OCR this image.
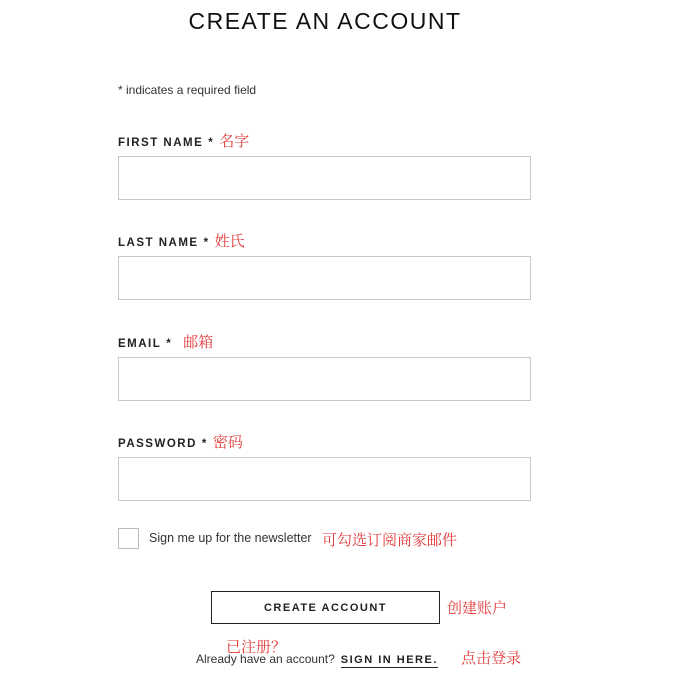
CREATE AN ACCOUNT
* indicates a required field
FIRST NAME * 名字
LAST NAME * 姓氏
EMAIL * 邮箱
PASSWORD * 密码
Sign me up for the newsletter 可勾选订阅商家邮件
CREATE ACCOUNT	创建账户
已注册？
Already have an account? SIGN IN HERE. 点击登录
